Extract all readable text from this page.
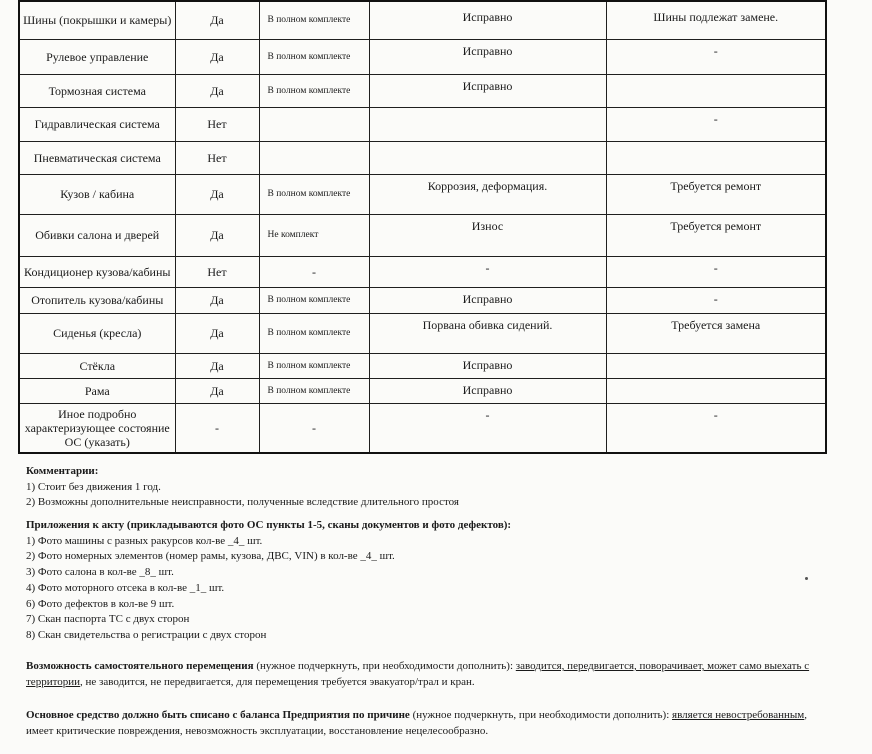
Шины (покрышки и камеры)	Да	В полном комплекте	Исправно	Шины подлежат замене.
Рулевое управление	Да	В полном комплекте	Исправно	-
Тормозная система	Да	В полном комплекте	Исправно	
Гидравлическая система	Нет			-
Пневматическая система	Нет			
Кузов / кабина	Да	В полном комплекте	Коррозия, деформация.	Требуется ремонт
Обивки салона и дверей	Да	Не комплект	Износ	Требуется ремонт
Кондиционер кузова/кабины	Нет	-	-	-
Отопитель кузова/кабины	Да	В полном комплекте	Исправно	-
Сиденья (кресла)	Да	В полном комплекте	Порвана обивка сидений.	Требуется замена
Стёкла	Да	В полном комплекте	Исправно	
Рама	Да	В полном комплекте	Исправно	
Иное подробно характеризующее состояние ОС (указать)	-	-	-	-
Комментарии:
1) Стоит без движения 1 год.
2) Возможны дополнительные неисправности, полученные вследствие длительного простоя
Приложения к акту (прикладываются фото ОС пункты 1-5, сканы документов и фото дефектов):
1) Фото машины с разных ракурсов кол-ве _4_ шт.
2) Фото номерных элементов (номер рамы, кузова, ДВС, VIN) в кол-ве _4_ шт.
3) Фото салона в кол-ве _8_ шт.
4) Фото моторного отсека в кол-ве _1_ шт.
6) Фото дефектов в кол-ве 9 шт.
7) Скан паспорта ТС с двух сторон
8) Скан свидетельства о регистрации с двух сторон
Возможность самостоятельного перемещения (нужное подчеркнуть, при необходимости дополнить): заводится, передвигается, поворачивает, может само выехать с территории, не заводится, не передвигается, для перемещения требуется эвакуатор/трал и кран.
Основное средство должно быть списано с баланса Предприятия по причине (нужное подчеркнуть, при необходимости дополнить): является невостребованным, имеет критические повреждения, невозможность эксплуатации, восстановление нецелесообразно.
